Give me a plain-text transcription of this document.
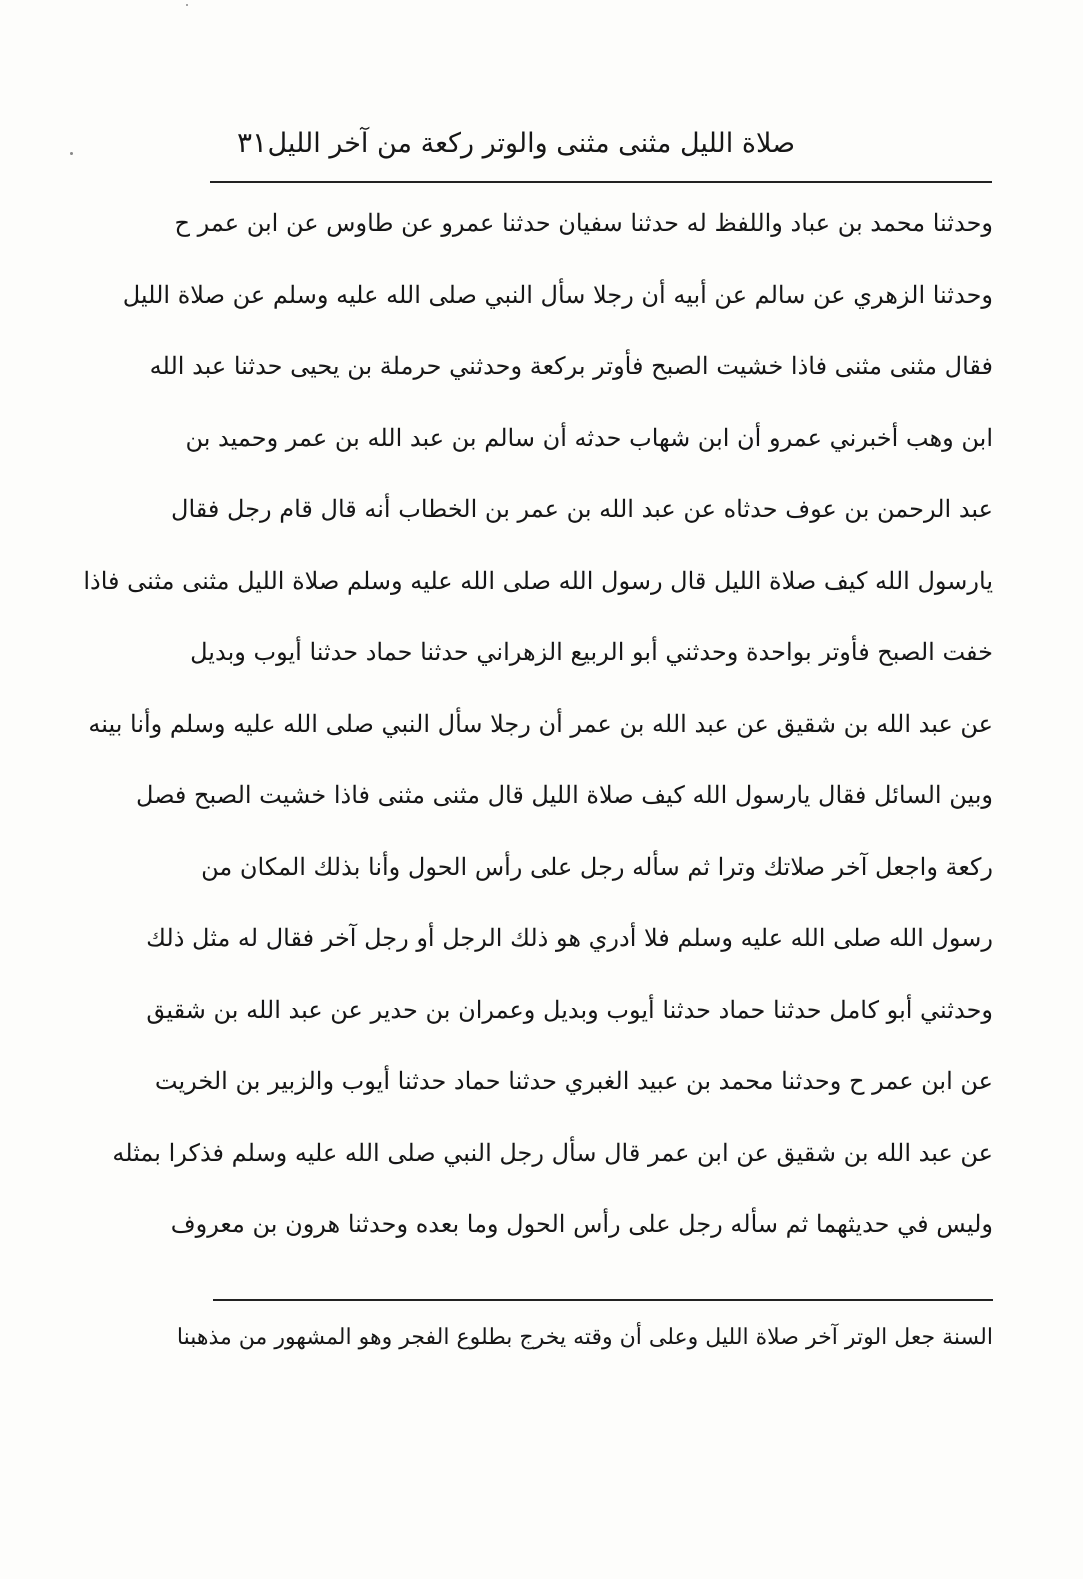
صلاة الليل مثنى مثنى والوتر ركعة من آخر الليل
٣١
وحدثنا محمد بن عباد واللفظ له حدثنا سفيان حدثنا عمرو عن طاوس عن ابن عمر ح
وحدثنا الزهري عن سالم عن أبيه أن رجلا سأل النبي صلى الله عليه وسلم عن صلاة الليل
فقال مثنى مثنى فاذا خشيت الصبح فأوتر بركعة وحدثني حرملة بن يحيى حدثنا عبد الله
ابن وهب أخبرني عمرو أن ابن شهاب حدثه أن سالم بن عبد الله بن عمر وحميد بن
عبد الرحمن بن عوف حدثاه عن عبد الله بن عمر بن الخطاب أنه قال قام رجل فقال
يارسول الله كيف صلاة الليل قال رسول الله صلى الله عليه وسلم صلاة الليل مثنى مثنى فاذا
خفت الصبح فأوتر بواحدة وحدثني أبو الربيع الزهراني حدثنا حماد حدثنا أيوب وبديل
عن عبد الله بن شقيق عن عبد الله بن عمر أن رجلا سأل النبي صلى الله عليه وسلم وأنا بينه
وبين السائل فقال يارسول الله كيف صلاة الليل قال مثنى مثنى فاذا خشيت الصبح فصل
ركعة واجعل آخر صلاتك وترا ثم سأله رجل على رأس الحول وأنا بذلك المكان من
رسول الله صلى الله عليه وسلم فلا أدري هو ذلك الرجل أو رجل آخر فقال له مثل ذلك
وحدثني أبو كامل حدثنا حماد حدثنا أيوب وبديل وعمران بن حدير عن عبد الله بن شقيق
عن ابن عمر ح وحدثنا محمد بن عبيد الغبري حدثنا حماد حدثنا أيوب والزبير بن الخريت
عن عبد الله بن شقيق عن ابن عمر قال سأل رجل النبي صلى الله عليه وسلم فذكرا بمثله
وليس في حديثهما ثم سأله رجل على رأس الحول وما بعده وحدثنا هرون بن معروف
السنة جعل الوتر آخر صلاة الليل وعلى أن وقته يخرج بطلوع الفجر وهو المشهور من مذهبنا
